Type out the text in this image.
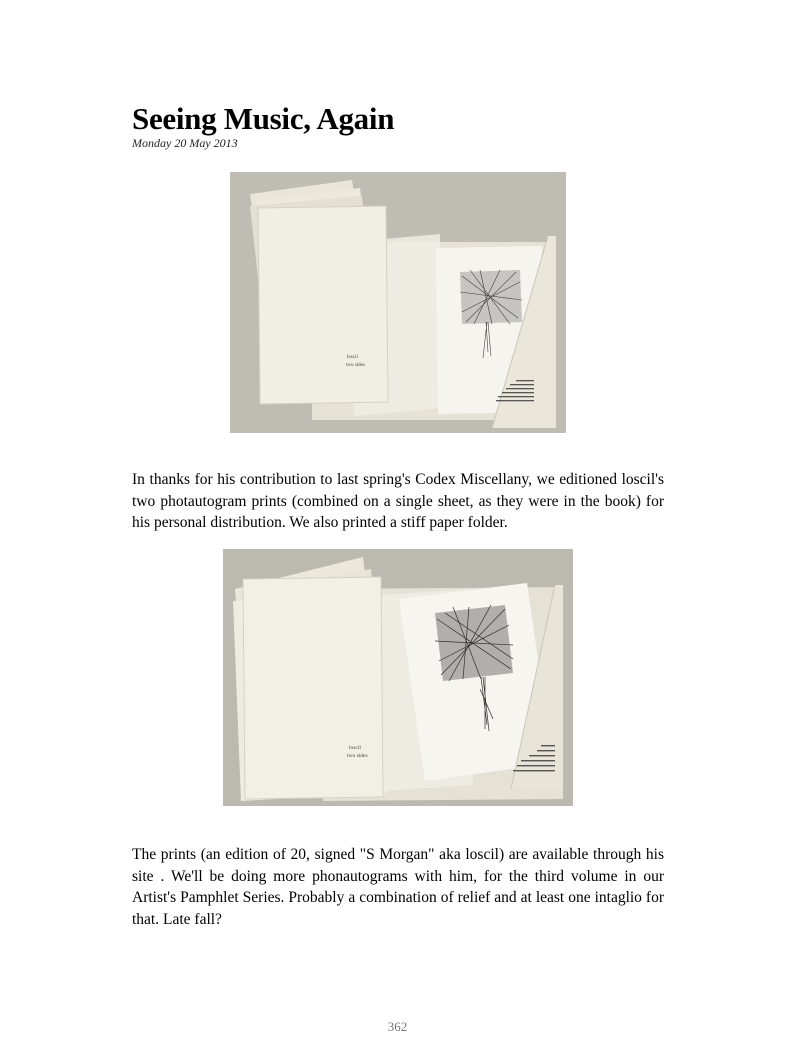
Seeing Music, Again
Monday 20 May 2013
loscil
two sides

In thanks for his contribution to last spring's Codex Miscellany, we editioned loscil's two photautogram prints (combined on a single sheet, as they were in the book) for his personal distribution. We also printed a stiff paper folder.

loscil
two sides

The prints (an edition of 20, signed "S Morgan" aka loscil) are available through his site . We'll be doing more phonautograms with him, for the third volume in our Artist's Pamphlet Series. Probably a combination of relief and at least one intaglio for that. Late fall?

362
